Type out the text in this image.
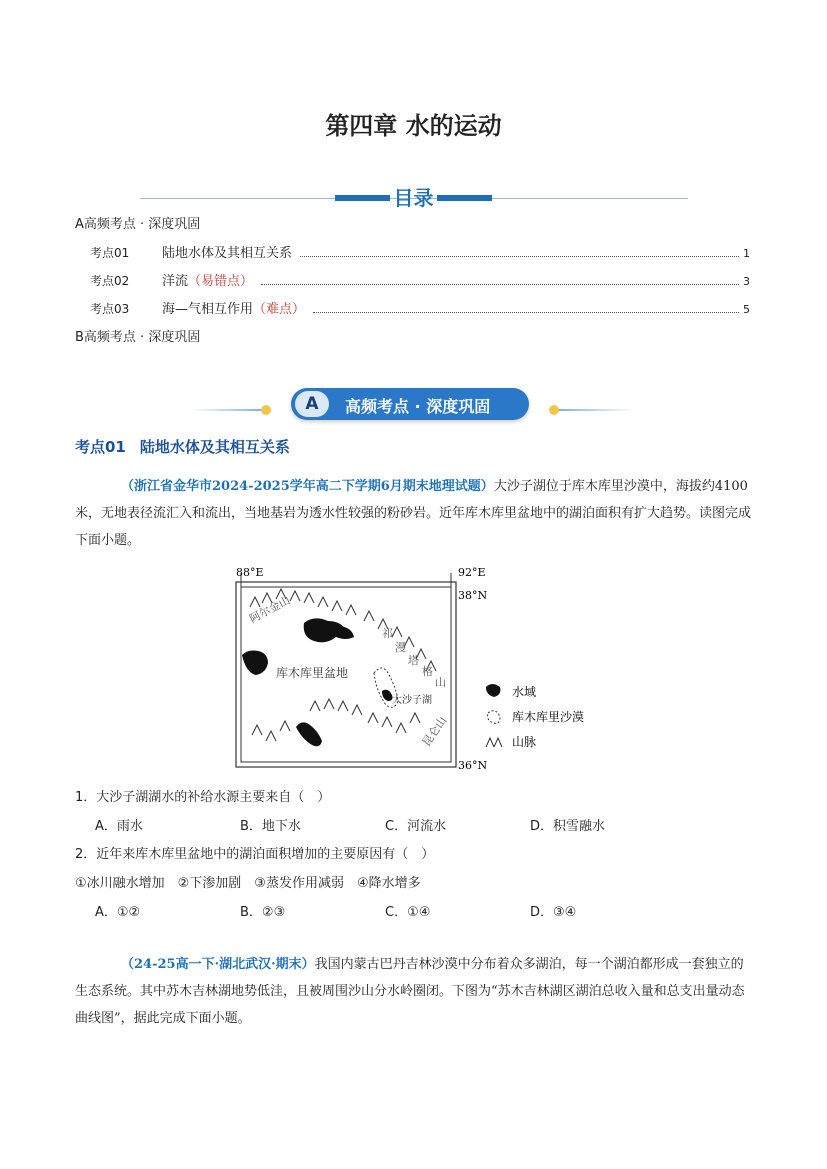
第四章 水的运动
目录
A高频考点 · 深度巩固
考点01	陆地水体及其相互关系	1
考点02	洋流 （易错点）	3
考点03	海—气相互作用 （难点）	5
B高频考点 · 深度巩固
A	高频考点 · 深度巩固
考点01 陆地水体及其相互关系
（浙江省金华市2024-2025学年高二下学期6月期末地理试题）大沙子湖位于库木库里沙漠中，海拔约4100米，无地表径流汇入和流出，当地基岩为透水性较强的粉砂岩。近年库木库里盆地中的湖泊面积有扩大趋势。读图完成下面小题。
88°E	92°E
38°N
36°N
阿尔金山
库木库里盆地
大沙子湖
昆仑山
祁
漫
塔
格
山
水域
库木库里沙漠
山脉
1．大沙子湖湖水的补给水源主要来自（　）
A．雨水	B．地下水	C．河流水	D．积雪融水
2．近年来库木库里盆地中的湖泊面积增加的主要原因有（　）
①冰川融水增加　②下渗加剧　③蒸发作用减弱　④降水增多
A．①②	B．②③	C．①④	D．③④
（24-25高一下·湖北武汉·期末）我国内蒙古巴丹吉林沙漠中分布着众多湖泊，每一个湖泊都形成一套独立的生态系统。其中苏木吉林湖地势低洼，且被周围沙山分水岭圈闭。下图为“苏木吉林湖区湖泊总收入量和总支出量动态曲线图”，据此完成下面小题。
